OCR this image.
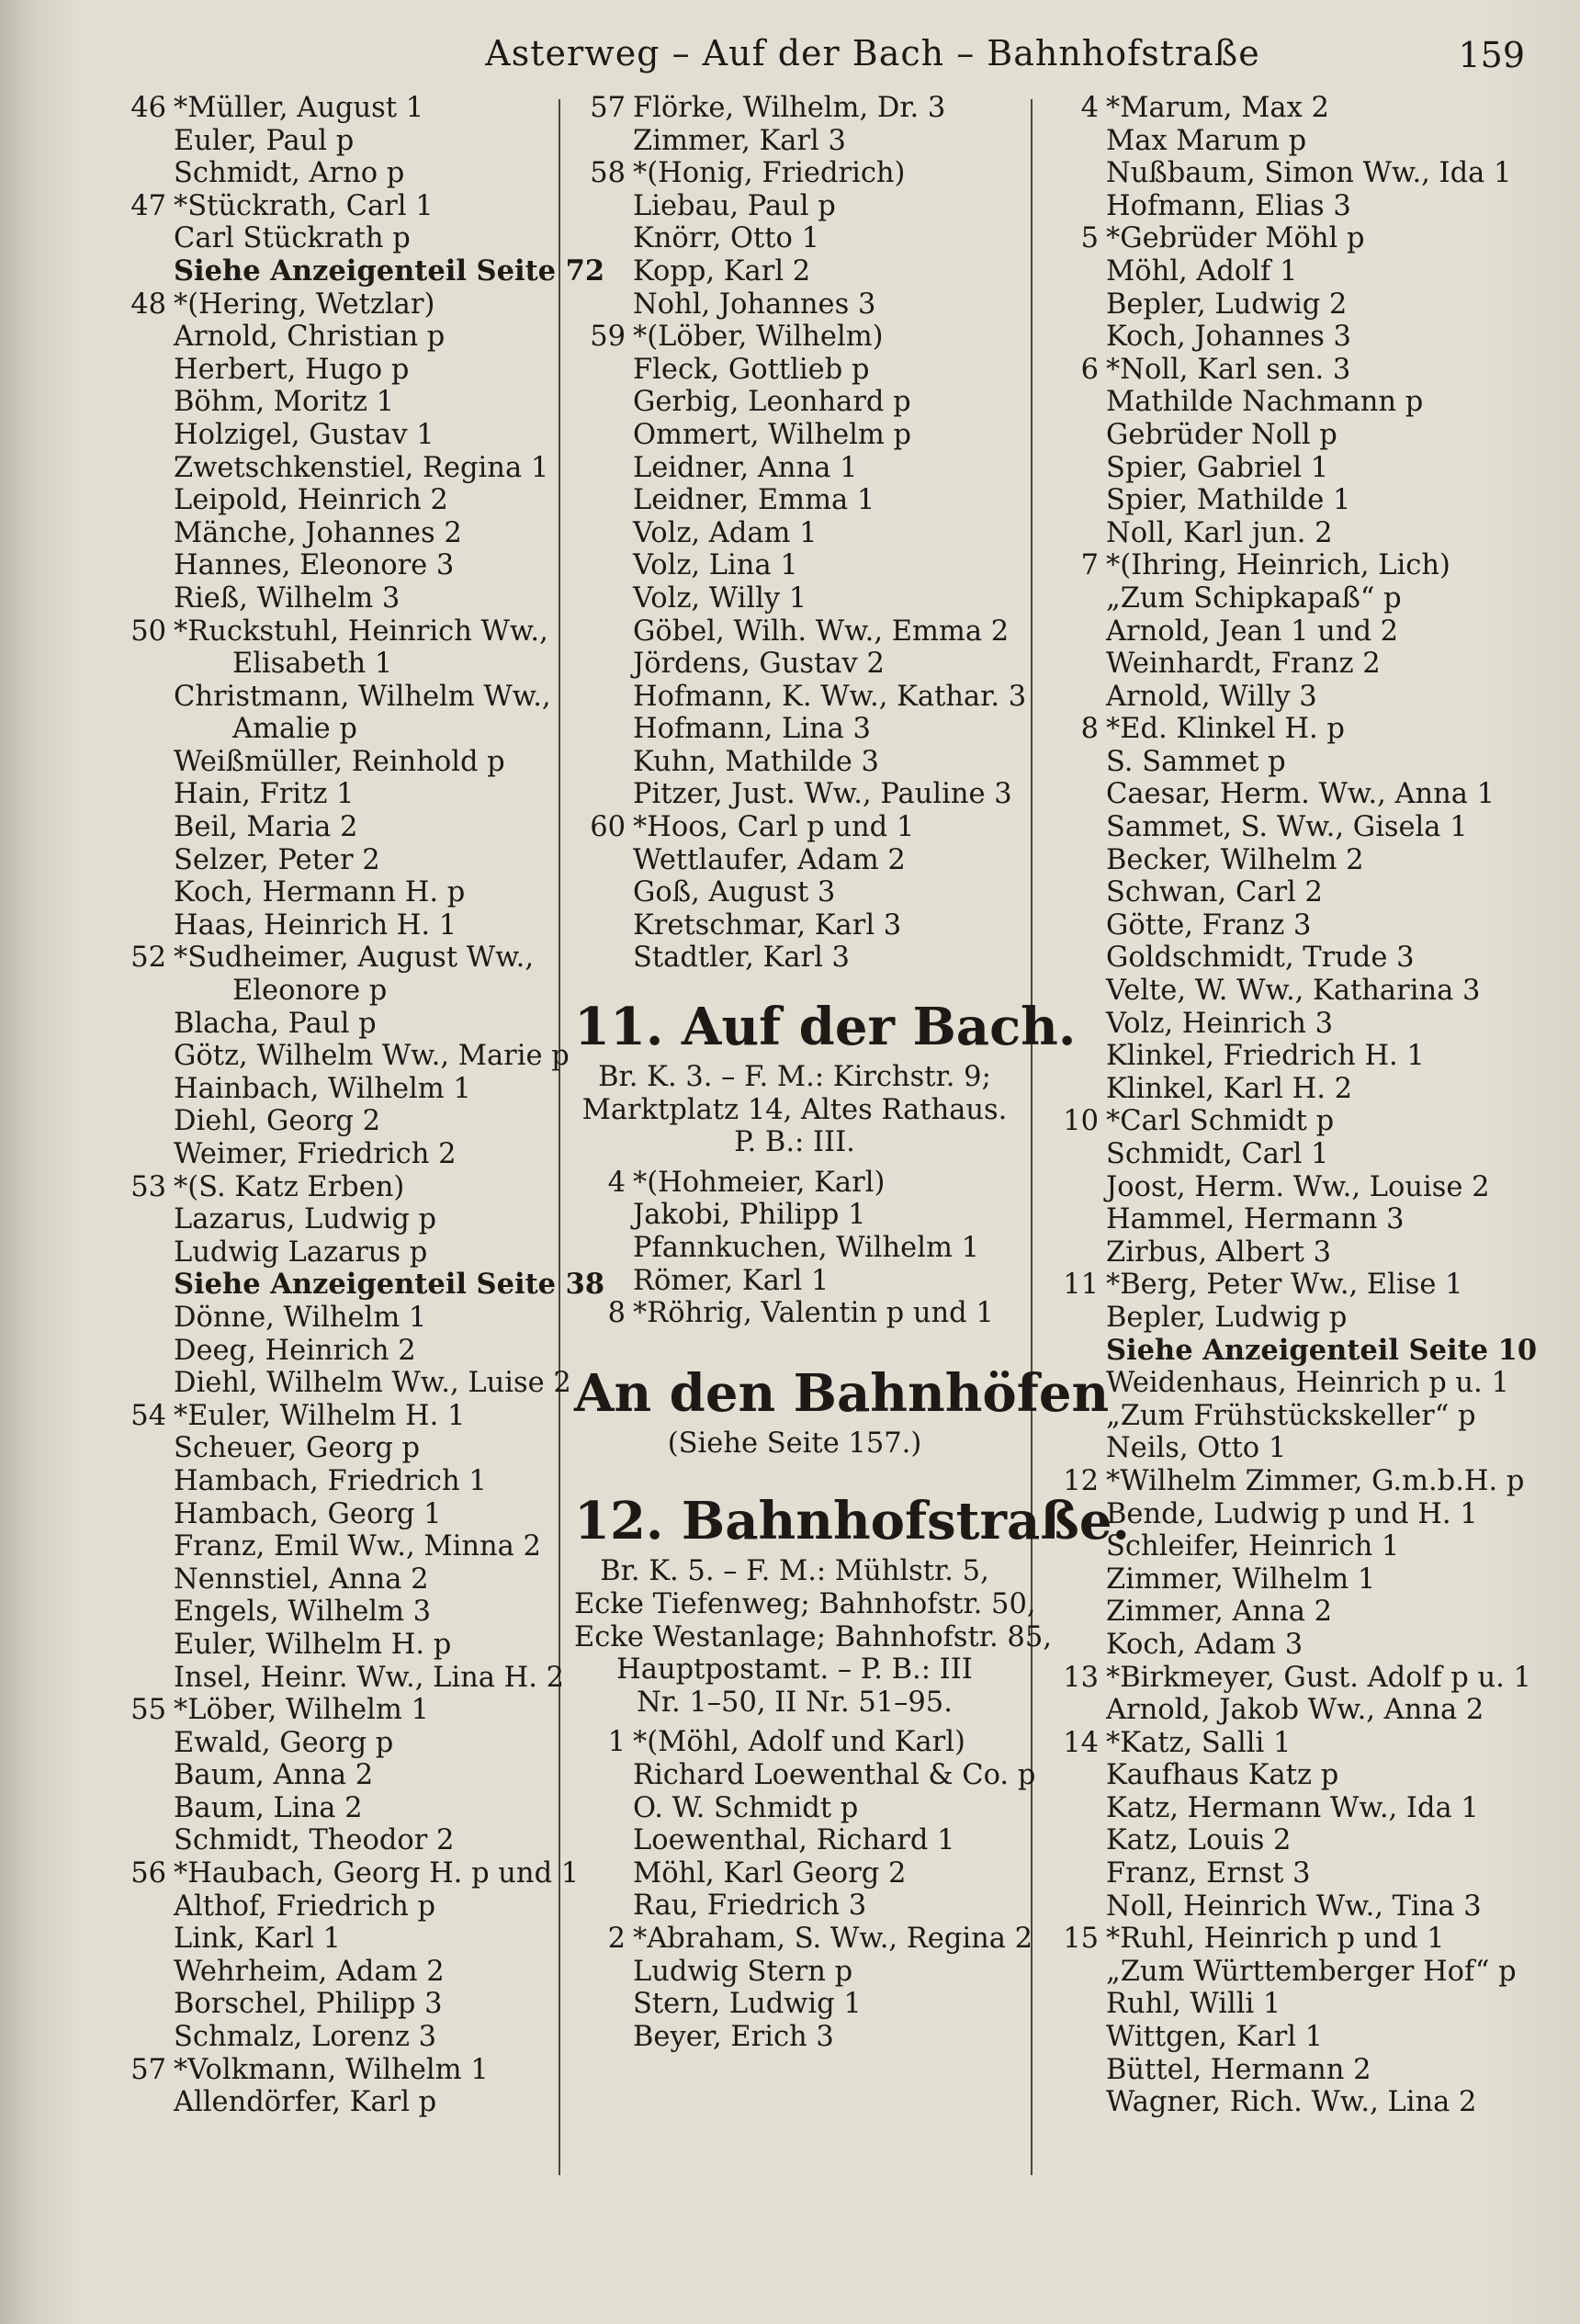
Asterweg – Auf der Bach – Bahnhofstraße	159
46 *Müller, August 1
Euler, Paul p
Schmidt, Arno p
47 *Stückrath, Carl 1
Carl Stückrath p
Siehe Anzeigenteil Seite 72
48 *(Hering, Wetzlar)
Arnold, Christian p
Herbert, Hugo p
Böhm, Moritz 1
Holzigel, Gustav 1
Zwetschkenstiel, Regina 1
Leipold, Heinrich 2
Mänche, Johannes 2
Hannes, Eleonore 3
Rieß, Wilhelm 3
50 *Ruckstuhl, Heinrich Ww.,
Elisabeth 1
Christmann, Wilhelm Ww.,
Amalie p
Weißmüller, Reinhold p
Hain, Fritz 1
Beil, Maria 2
Selzer, Peter 2
Koch, Hermann H. p
Haas, Heinrich H. 1
52 *Sudheimer, August Ww.,
Eleonore p
Blacha, Paul p
Götz, Wilhelm Ww., Marie p
Hainbach, Wilhelm 1
Diehl, Georg 2
Weimer, Friedrich 2
53 *(S. Katz Erben)
Lazarus, Ludwig p
Ludwig Lazarus p
Siehe Anzeigenteil Seite 38
Dönne, Wilhelm 1
Deeg, Heinrich 2
Diehl, Wilhelm Ww., Luise 2
54 *Euler, Wilhelm H. 1
Scheuer, Georg p
Hambach, Friedrich 1
Hambach, Georg 1
Franz, Emil Ww., Minna 2
Nennstiel, Anna 2
Engels, Wilhelm 3
Euler, Wilhelm H. p
Insel, Heinr. Ww., Lina H. 2
55 *Löber, Wilhelm 1
Ewald, Georg p
Baum, Anna 2
Baum, Lina 2
Schmidt, Theodor 2
56 *Haubach, Georg H. p und 1
Althof, Friedrich p
Link, Karl 1
Wehrheim, Adam 2
Borschel, Philipp 3
Schmalz, Lorenz 3
57 *Volkmann, Wilhelm 1
Allendörfer, Karl p
57 Flörke, Wilhelm, Dr. 3
Zimmer, Karl 3
58 *(Honig, Friedrich)
Liebau, Paul p
Knörr, Otto 1
Kopp, Karl 2
Nohl, Johannes 3
59 *(Löber, Wilhelm)
Fleck, Gottlieb p
Gerbig, Leonhard p
Ommert, Wilhelm p
Leidner, Anna 1
Leidner, Emma 1
Volz, Adam 1
Volz, Lina 1
Volz, Willy 1
Göbel, Wilh. Ww., Emma 2
Jördens, Gustav 2
Hofmann, K. Ww., Kathar. 3
Hofmann, Lina 3
Kuhn, Mathilde 3
Pitzer, Just. Ww., Pauline 3
60 *Hoos, Carl p und 1
Wettlaufer, Adam 2
Goß, August 3
Kretschmar, Karl 3
Stadtler, Karl 3
11. Auf der Bach.
Br. K. 3. – F. M.: Kirchstr. 9;
Marktplatz 14, Altes Rathaus.
P. B.: III.
4 *(Hohmeier, Karl)
Jakobi, Philipp 1
Pfannkuchen, Wilhelm 1
Römer, Karl 1
8 *Röhrig, Valentin p und 1
An den Bahnhöfen
(Siehe Seite 157.)
12. Bahnhofstraße.
Br. K. 5. – F. M.: Mühlstr. 5,
Ecke Tiefenweg; Bahnhofstr. 50,
Ecke Westanlage; Bahnhofstr. 85,
Hauptpostamt. – P. B.: III
Nr. 1–50, II Nr. 51–95.
1 *(Möhl, Adolf und Karl)
Richard Loewenthal & Co. p
O. W. Schmidt p
Loewenthal, Richard 1
Möhl, Karl Georg 2
Rau, Friedrich 3
2 *Abraham, S. Ww., Regina 2
Ludwig Stern p
Stern, Ludwig 1
Beyer, Erich 3
4 *Marum, Max 2
Max Marum p
Nußbaum, Simon Ww., Ida 1
Hofmann, Elias 3
5 *Gebrüder Möhl p
Möhl, Adolf 1
Bepler, Ludwig 2
Koch, Johannes 3
6 *Noll, Karl sen. 3
Mathilde Nachmann p
Gebrüder Noll p
Spier, Gabriel 1
Spier, Mathilde 1
Noll, Karl jun. 2
7 *(Ihring, Heinrich, Lich)
„Zum Schipkapaß“ p
Arnold, Jean 1 und 2
Weinhardt, Franz 2
Arnold, Willy 3
8 *Ed. Klinkel H. p
S. Sammet p
Caesar, Herm. Ww., Anna 1
Sammet, S. Ww., Gisela 1
Becker, Wilhelm 2
Schwan, Carl 2
Götte, Franz 3
Goldschmidt, Trude 3
Velte, W. Ww., Katharina 3
Volz, Heinrich 3
Klinkel, Friedrich H. 1
Klinkel, Karl H. 2
10 *Carl Schmidt p
Schmidt, Carl 1
Joost, Herm. Ww., Louise 2
Hammel, Hermann 3
Zirbus, Albert 3
11 *Berg, Peter Ww., Elise 1
Bepler, Ludwig p
Siehe Anzeigenteil Seite 10
Weidenhaus, Heinrich p u. 1
„Zum Frühstückskeller“ p
Neils, Otto 1
12 *Wilhelm Zimmer, G.m.b.H. p
Bende, Ludwig p und H. 1
Schleifer, Heinrich 1
Zimmer, Wilhelm 1
Zimmer, Anna 2
Koch, Adam 3
13 *Birkmeyer, Gust. Adolf p u. 1
Arnold, Jakob Ww., Anna 2
14 *Katz, Salli 1
Kaufhaus Katz p
Katz, Hermann Ww., Ida 1
Katz, Louis 2
Franz, Ernst 3
Noll, Heinrich Ww., Tina 3
15 *Ruhl, Heinrich p und 1
„Zum Württemberger Hof“ p
Ruhl, Willi 1
Wittgen, Karl 1
Büttel, Hermann 2
Wagner, Rich. Ww., Lina 2
